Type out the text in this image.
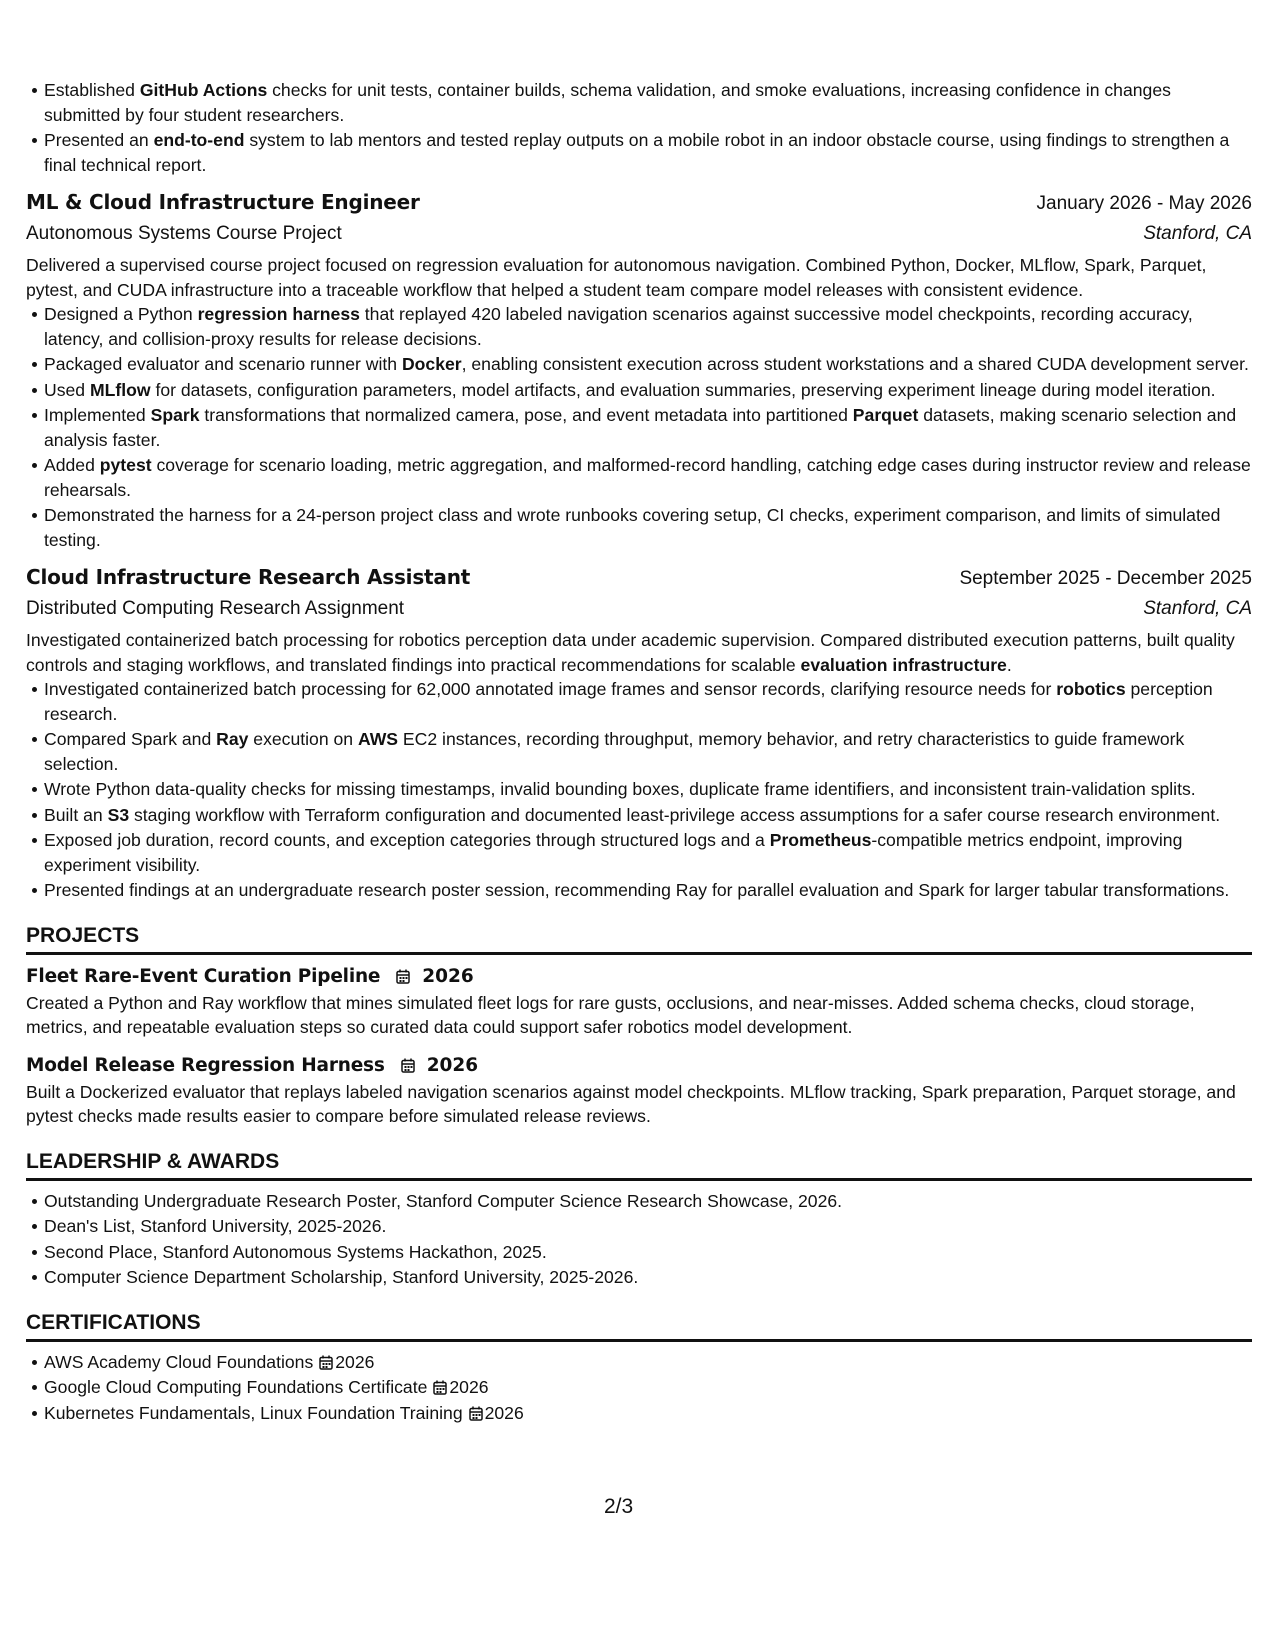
Established GitHub Actions checks for unit tests, container builds, schema validation, and smoke evaluations, increasing confidence in changes submitted by four student researchers.
Presented an end-to-end system to lab mentors and tested replay outputs on a mobile robot in an indoor obstacle course, using findings to strengthen a final technical report.
ML & Cloud Infrastructure Engineer	January 2026 - May 2026
Autonomous Systems Course Project	Stanford, CA

Delivered a supervised course project focused on regression evaluation for autonomous navigation. Combined Python, Docker, MLflow, Spark, Parquet, pytest, and CUDA infrastructure into a traceable workflow that helped a student team compare model releases with consistent evidence.

Designed a Python regression harness that replayed 420 labeled navigation scenarios against successive model checkpoints, recording accuracy, latency, and collision-proxy results for release decisions.
Packaged evaluator and scenario runner with Docker, enabling consistent execution across student workstations and a shared CUDA development server.
Used MLflow for datasets, configuration parameters, model artifacts, and evaluation summaries, preserving experiment lineage during model iteration.
Implemented Spark transformations that normalized camera, pose, and event metadata into partitioned Parquet datasets, making scenario selection and analysis faster.
Added pytest coverage for scenario loading, metric aggregation, and malformed-record handling, catching edge cases during instructor review and release rehearsals.
Demonstrated the harness for a 24-person project class and wrote runbooks covering setup, CI checks, experiment comparison, and limits of simulated testing.
Cloud Infrastructure Research Assistant	September 2025 - December 2025
Distributed Computing Research Assignment	Stanford, CA

Investigated containerized batch processing for robotics perception data under academic supervision. Compared distributed execution patterns, built quality controls and staging workflows, and translated findings into practical recommendations for scalable evaluation infrastructure.

Investigated containerized batch processing for 62,000 annotated image frames and sensor records, clarifying resource needs for robotics perception research.
Compared Spark and Ray execution on AWS EC2 instances, recording throughput, memory behavior, and retry characteristics to guide framework selection.
Wrote Python data-quality checks for missing timestamps, invalid bounding boxes, duplicate frame identifiers, and inconsistent train-validation splits.
Built an S3 staging workflow with Terraform configuration and documented least-privilege access assumptions for a safer course research environment.
Exposed job duration, record counts, and exception categories through structured logs and a Prometheus-compatible metrics endpoint, improving experiment visibility.
Presented findings at an undergraduate research poster session, recommending Ray for parallel evaluation and Spark for larger tabular transformations.
PROJECTS
Fleet Rare-Event Curation Pipeline 2026

Created a Python and Ray workflow that mines simulated fleet logs for rare gusts, occlusions, and near-misses. Added schema checks, cloud storage, metrics, and repeatable evaluation steps so curated data could support safer robotics model development.

Model Release Regression Harness 2026

Built a Dockerized evaluator that replays labeled navigation scenarios against model checkpoints. MLflow tracking, Spark preparation, Parquet storage, and pytest checks made results easier to compare before simulated release reviews.

LEADERSHIP & AWARDS
Outstanding Undergraduate Research Poster, Stanford Computer Science Research Showcase, 2026.
Dean's List, Stanford University, 2025-2026.
Second Place, Stanford Autonomous Systems Hackathon, 2025.
Computer Science Department Scholarship, Stanford University, 2025-2026.
CERTIFICATIONS
AWS Academy Cloud Foundations 2026
Google Cloud Computing Foundations Certificate 2026
Kubernetes Fundamentals, Linux Foundation Training 2026
2/3
